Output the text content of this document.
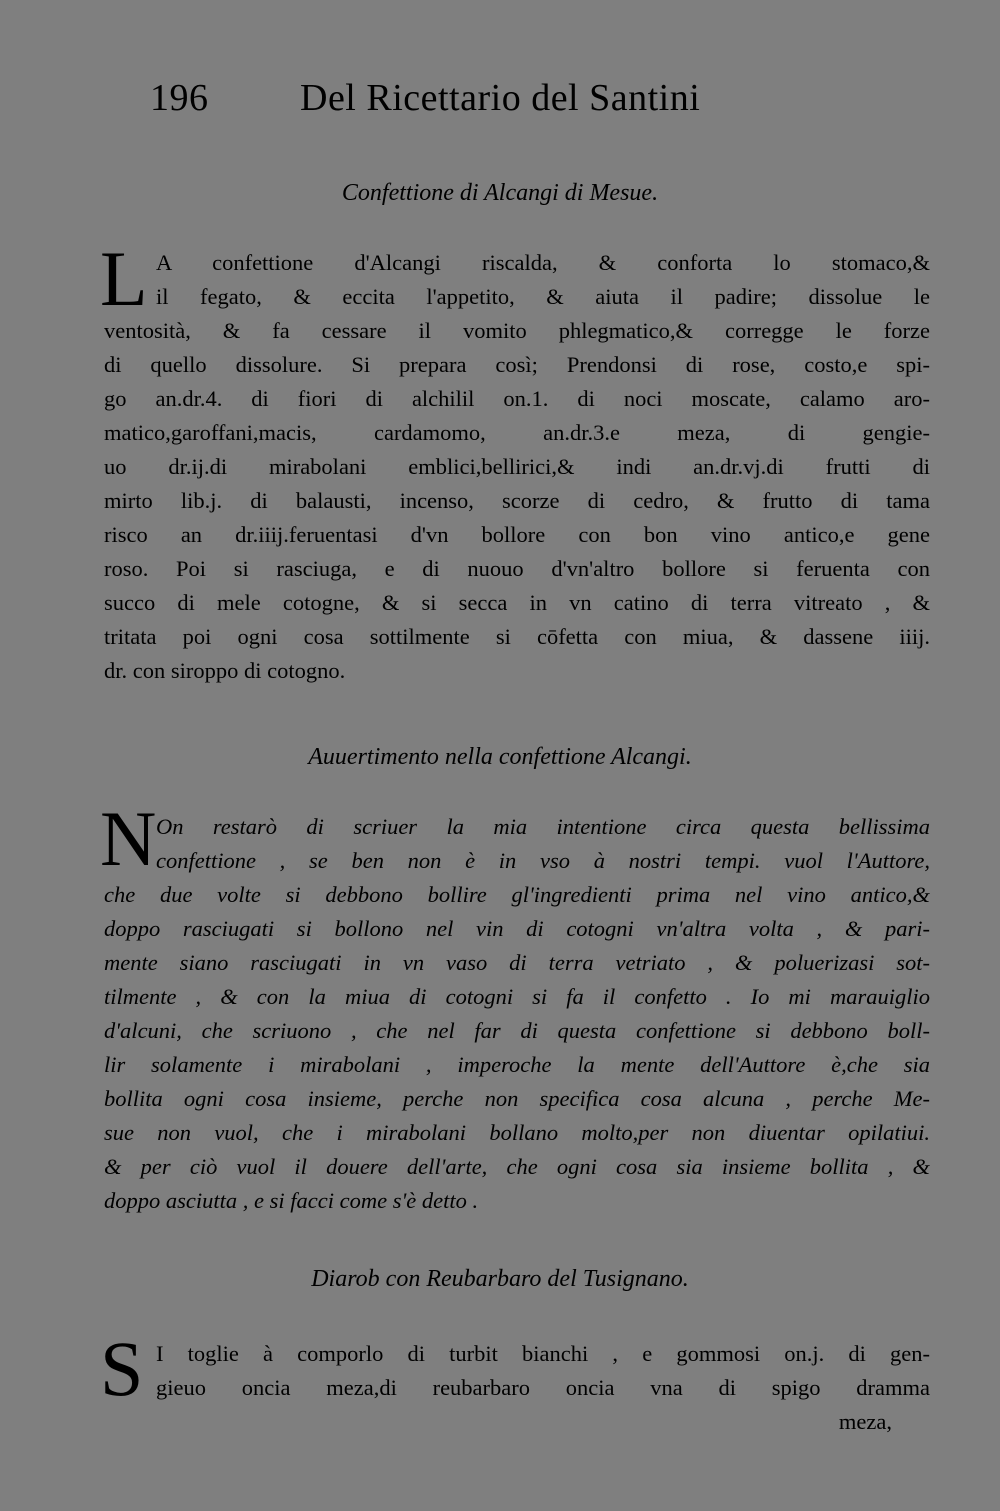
196 Del Ricettario del Santini
Confettione di Alcangi di Mesue.
L A confettione d'Alcangi riscalda, & conforta lo stomaco,&
il fegato, & eccita l'appetito, & aiuta il padire; dissolue le
ventosità, & fa cessare il vomito phlegmatico,& corregge le forze
di quello dissolure. Si prepara così; Prendonsi di rose, costo,e spi-
go an.dr.4. di fiori di alchilil on.1. di noci moscate, calamo aro-
matico,garoffani,macis, cardamomo, an.dr.3.e meza, di gengie-
uo dr.ij.di mirabolani emblici,bellirici,& indi an.dr.vj.di frutti di
mirto lib.j. di balausti, incenso, scorze di cedro, & frutto di tama
risco an dr.iiij.feruentasi d'vn bollore con bon vino antico,e gene
roso. Poi si rasciuga, e di nuouo d'vn'altro bollore si feruenta con
succo di mele cotogne, & si secca in vn catino di terra vitreato , &
tritata poi ogni cosa sottilmente si cōfetta con miua, & dassene iiij.
dr. con siroppo di cotogno.
Auuertimento nella confettione Alcangi.
N On restarò di scriuer la mia intentione circa questa bellissima
confettione , se ben non è in vso à nostri tempi. vuol l'Auttore,
che due volte si debbono bollire gl'ingredienti prima nel vino antico,&
doppo rasciugati si bollono nel vin di cotogni vn'altra volta , & pari-
mente siano rasciugati in vn vaso di terra vetriato , & poluerizasi sot-
tilmente , & con la miua di cotogni si fa il confetto . Io mi marauiglio
d'alcuni, che scriuono , che nel far di questa confettione si debbono boll-
lir solamente i mirabolani , imperoche la mente dell'Auttore è,che sia
bollita ogni cosa insieme, perche non specifica cosa alcuna , perche Me-
sue non vuol, che i mirabolani bollano molto,per non diuentar opilatiui.
& per ciò vuol il douere dell'arte, che ogni cosa sia insieme bollita , &
doppo asciutta , e si facci come s'è detto .
Diarob con Reubarbaro del Tusignano.
S I toglie à comporlo di turbit bianchi , e gommosi on.j. di gen-
gieuo oncia meza,di reubarbaro oncia vna di spigo dramma
meza,
